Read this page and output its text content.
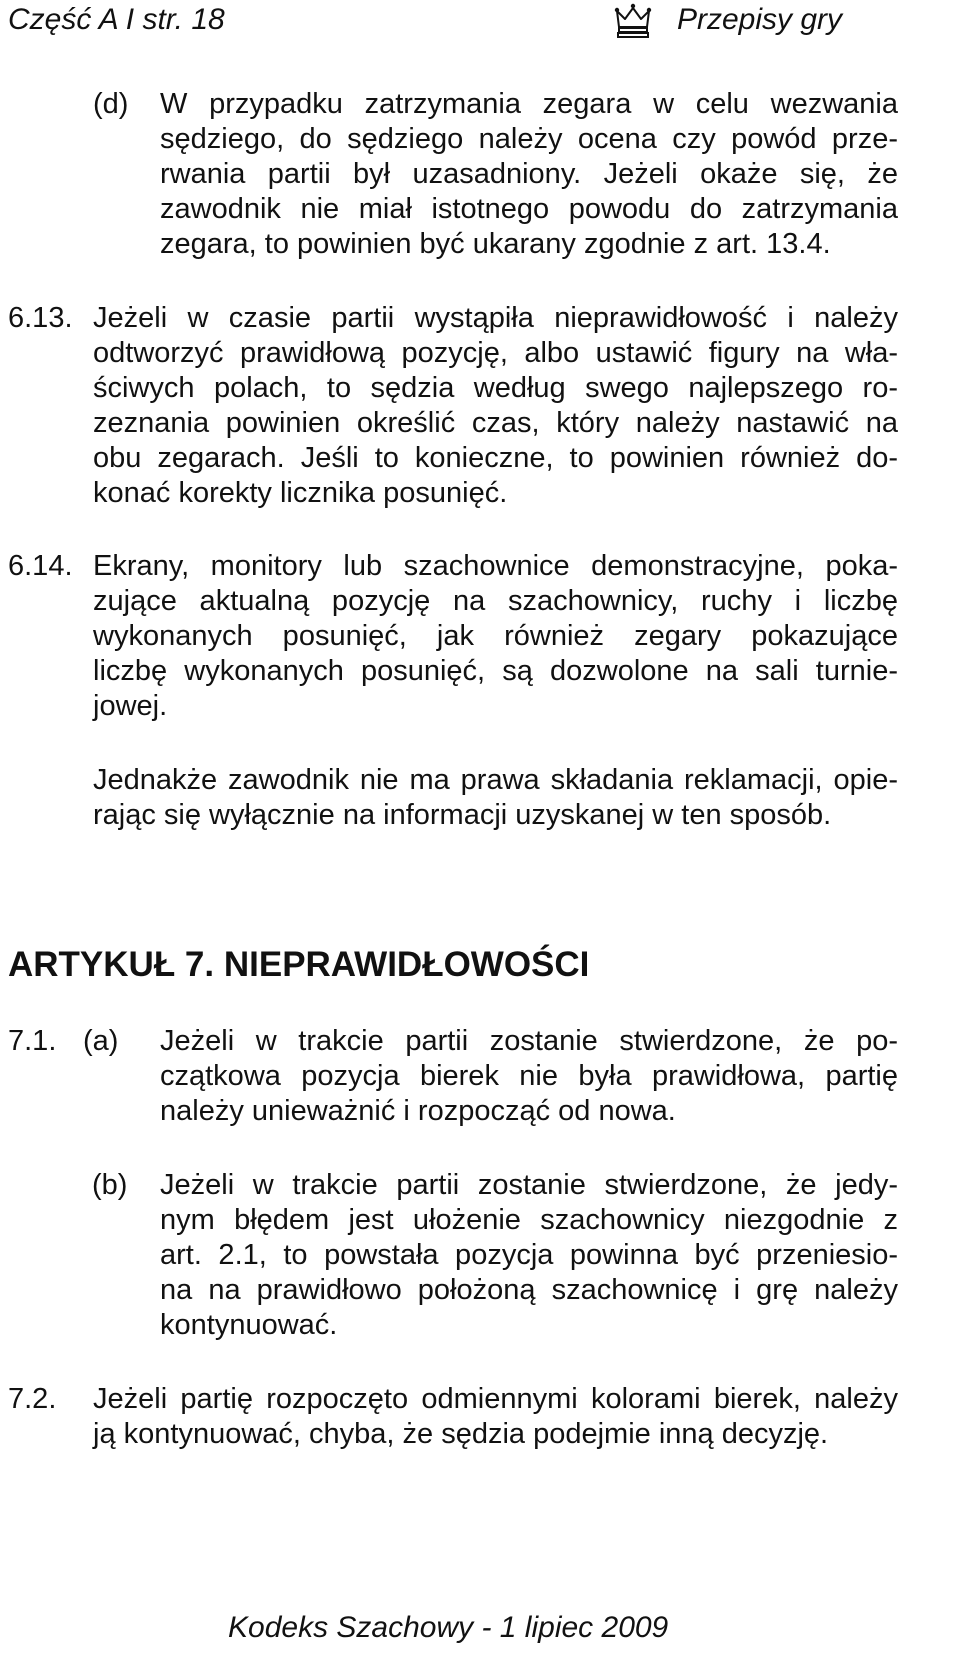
Część A I str. 18	Przepisy gry
(d) W przypadku zatrzymania zegara w celu wezwania
sędziego, do sędziego należy ocena czy powód prze-
rwania partii był uzasadniony. Jeżeli okaże się, że
zawodnik nie miał istotnego powodu do zatrzymania
zegara, to powinien być ukarany zgodnie z art. 13.4.
6.13. Jeżeli w czasie partii wystąpiła nieprawidłowość i należy
odtworzyć prawidłową pozycję, albo ustawić figury na wła-
ściwych polach, to sędzia według swego najlepszego ro-
zeznania powinien określić czas, który należy nastawić na
obu zegarach. Jeśli to konieczne, to powinien również do-
konać korekty licznika posunięć.
6.14. Ekrany, monitory lub szachownice demonstracyjne, poka-
zujące aktualną pozycję na szachownicy, ruchy i liczbę
wykonanych posunięć, jak również zegary pokazujące
liczbę wykonanych posunięć, są dozwolone na sali turnie-
jowej.
Jednakże zawodnik nie ma prawa składania reklamacji, opie-
rając się wyłącznie na informacji uzyskanej w ten sposób.
ARTYKUŁ 7. NIEPRAWIDŁOWOŚCI
7.1. (a) Jeżeli w trakcie partii zostanie stwierdzone, że po-
czątkowa pozycja bierek nie była prawidłowa, partię
należy unieważnić i rozpocząć od nowa.
(b) Jeżeli w trakcie partii zostanie stwierdzone, że jedy-
nym błędem jest ułożenie szachownicy niezgodnie z
art. 2.1, to powstała pozycja powinna być przeniesio-
na na prawidłowo położoną szachownicę i grę należy
kontynuować.
7.2. Jeżeli partię rozpoczęto odmiennymi kolorami bierek, należy
ją kontynuować, chyba, że sędzia podejmie inną decyzję.
Kodeks Szachowy - 1 lipiec 2009
